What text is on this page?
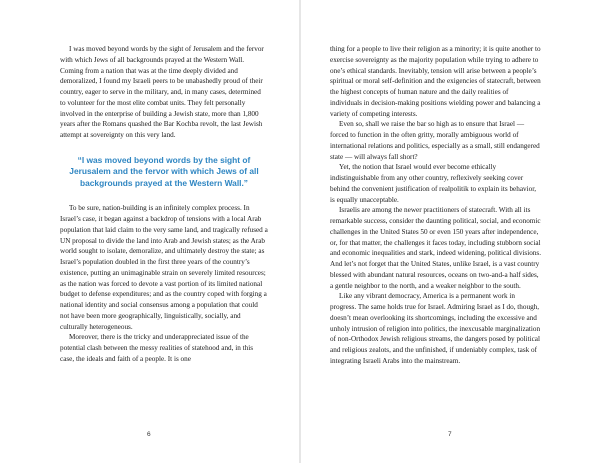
I was moved beyond words by the sight of Jerusalem and the fervor with which Jews of all backgrounds prayed at the Western Wall. Coming from a nation that was at the time deeply divided and demoralized, I found my Israeli peers to be unabashedly proud of their country, eager to serve in the military, and, in many cases, determined to volunteer for the most elite combat units. They felt personally involved in the enterprise of building a Jewish state, more than 1,800 years after the Romans quashed the Bar Kochba revolt, the last Jewish attempt at sovereignty on this very land.

“I was moved beyond words by the sight of Jerusalem and the fervor with which Jews of all backgrounds prayed at the Western Wall.”

To be sure, nation-building is an infinitely complex process. In Israel’s case, it began against a backdrop of tensions with a local Arab population that laid claim to the very same land, and tragically refused a UN proposal to divide the land into Arab and Jewish states; as the Arab world sought to isolate, demoralize, and ultimately destroy the state; as Israel’s population doubled in the first three years of the country’s existence, putting an unimaginable strain on severely limited resources; as the nation was forced to devote a vast portion of its limited national budget to defense expenditures; and as the country coped with forging a national identity and social consensus among a population that could not have been more geographically, linguistically, socially, and culturally heterogeneous.

Moreover, there is the tricky and underappreciated issue of the potential clash between the messy realities of statehood and, in this case, the ideals and faith of a people. It is one

thing for a people to live their religion as a minority; it is quite another to exercise sovereignty as the majority population while trying to adhere to one’s ethical standards. Inevitably, tension will arise between a people’s spiritual or moral self-definition and the exigencies of statecraft, between the highest concepts of human nature and the daily realities of individuals in decision-making positions wielding power and balancing a variety of competing interests.

Even so, shall we raise the bar so high as to ensure that Israel — forced to function in the often gritty, morally ambiguous world of international relations and politics, especially as a small, still endangered state — will always fall short?

Yet, the notion that Israel would ever become ethically indistinguishable from any other country, reflexively seeking cover behind the convenient justification of realpolitik to explain its behavior, is equally unacceptable.

Israelis are among the newer practitioners of statecraft. With all its remarkable success, consider the daunting political, social, and economic challenges in the United States 50 or even 150 years after independence, or, for that matter, the challenges it faces today, including stubborn social and economic inequalities and stark, indeed widening, political divisions. And let’s not forget that the United States, unlike Israel, is a vast country blessed with abundant natural resources, oceans on two-and-a half sides, a gentle neighbor to the north, and a weaker neighbor to the south.

Like any vibrant democracy, America is a permanent work in progress. The same holds true for Israel. Admiring Israel as I do, though, doesn’t mean overlooking its shortcomings, including the excessive and unholy intrusion of religion into politics, the inexcusable marginalization of non-Orthodox Jewish religious streams, the dangers posed by political and religious zealots, and the unfinished, if undeniably complex, task of integrating Israeli Arabs into the mainstream.

6	7
